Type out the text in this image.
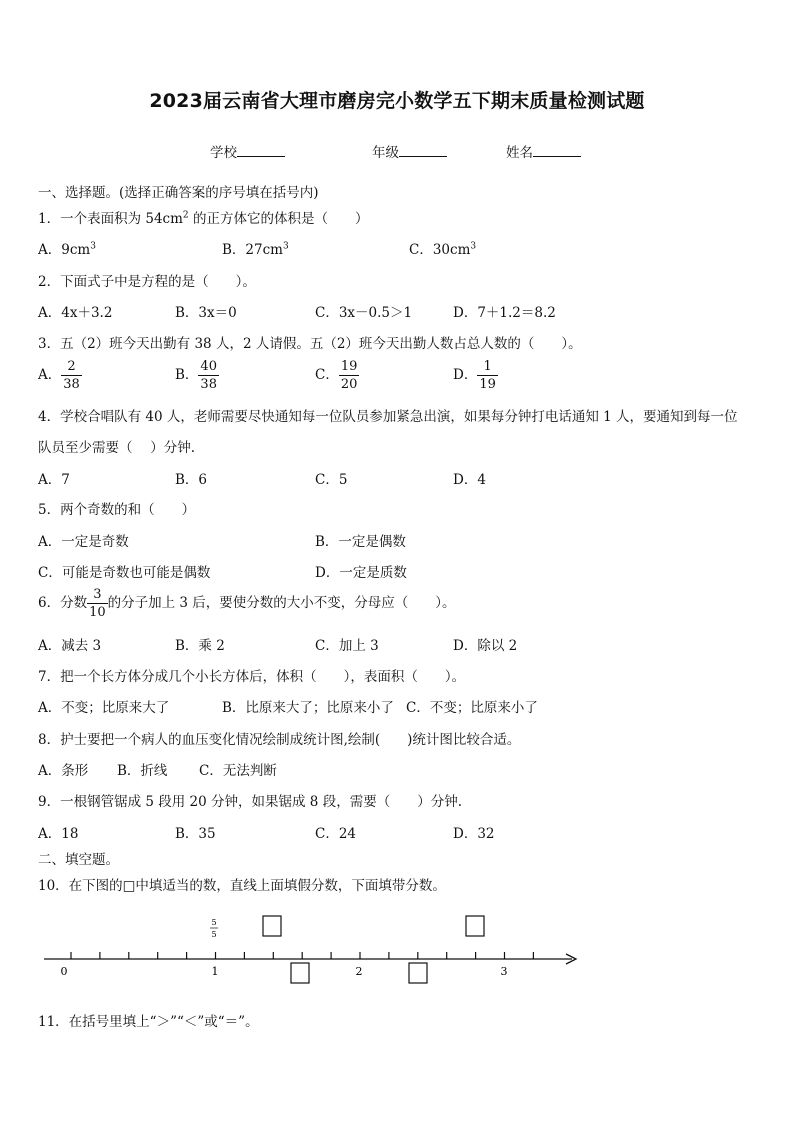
2023届云南省大理市磨房完小数学五下期末质量检测试题
学校	年级	姓名
一、选择题。(选择正确答案的序号填在括号内)
1．一个表面积为 $54cm^2$ 的正方体它的体积是（　　）
A．$9cm^3$	B．$27cm^3$	C．$30cm^3$
2．下面式子中是方程的是（　　）。
A．4x＋3.2	B．3x＝0	C．3x－0.5＞1	D．7＋1.2＝8.2
3．五（2）班今天出勤有 38 人，2 人请假。五（2）班今天出勤人数占总人数的（　　）。
A． $\frac{2}{38}$	B． $\frac{40}{38}$	C． $\frac{19}{20}$	D． $\frac{1}{19}$
4．学校合唱队有 40 人，老师需要尽快通知每一位队员参加紧急出演，如果每分钟打电话通知 1 人，要通知到每一位
队员至少需要（　 ）分钟.
A．7	B．6	C．5	D．4
5．两个奇数的和（　　）
A．一定是奇数	B．一定是偶数
C．可能是奇数也可能是偶数	D．一定是质数
6．分数 $\frac{3}{10}$ 的分子加上 3 后，要使分数的大小不变，分母应（　　）。
A．减去 3	B．乘 2	C．加上 3	D．除以 2
7．把一个长方体分成几个小长方体后，体积（　　），表面积（　　）。
A．不变；比原来大了	B．比原来大了；比原来小了 C．不变；比原来小了
8．护士要把一个病人的血压变化情况绘制成统计图,绘制(　　)统计图比较合适。
A．条形 B．折线 C．无法判断
9．一根钢管锯成 5 段用 20 分钟，如果锯成 8 段，需要（　　）分钟.
A．18	B．35	C．24	D．32
二、填空题。
10．在下图的□中填适当的数，直线上面填假分数，下面填带分数。
0	1	2	3
5
5
11．在括号里填上“＞”“＜”或“＝”。
